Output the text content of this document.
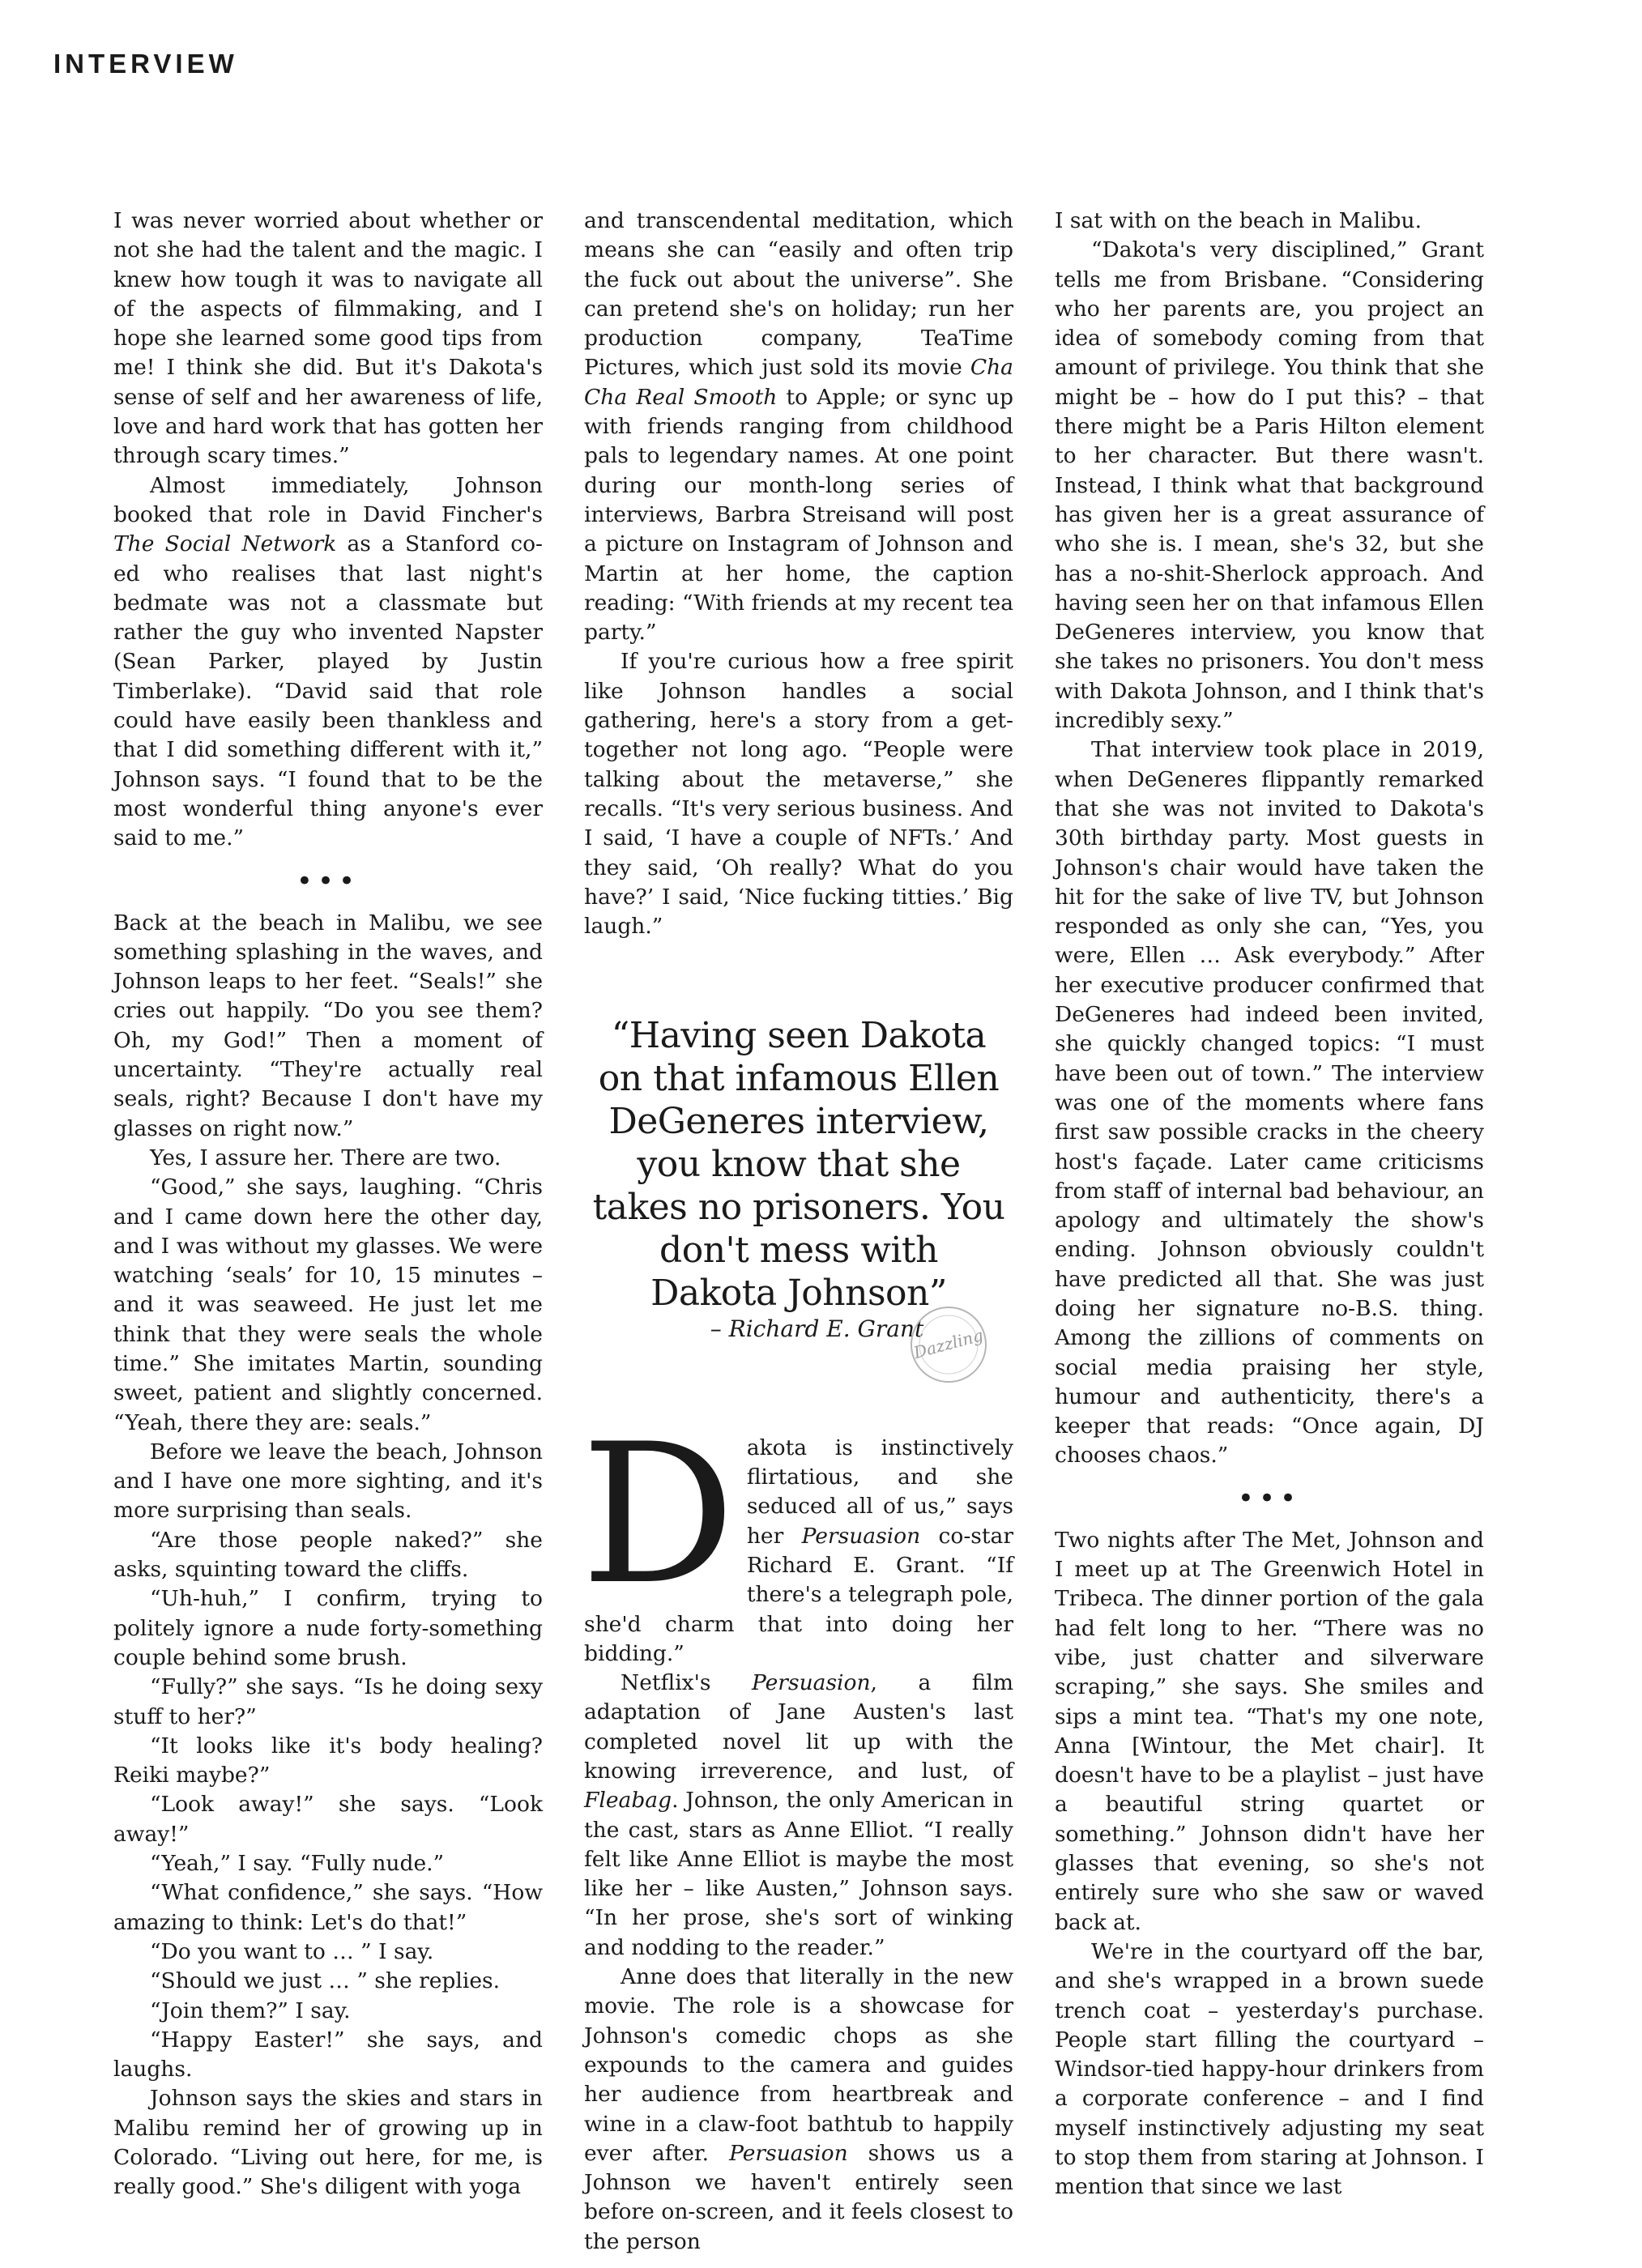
INTERVIEW

I was never worried about whether or not she had the talent and the magic. I knew how tough it was to navigate all of the aspects of filmmaking, and I hope she learned some good tips from me! I think she did. But it's Dakota's sense of self and her awareness of life, love and hard work that has gotten her through scary times.”

Almost immediately, Johnson booked that role in David Fincher's The Social Network as a Stanford co-ed who realises that last night's bedmate was not a classmate but rather the guy who invented Napster (Sean Parker, played by Justin Timberlake). “David said that role could have easily been thankless and that I did something different with it,” Johnson says. “I found that to be the most wonderful thing anyone's ever said to me.”

•••

Back at the beach in Malibu, we see something splashing in the waves, and Johnson leaps to her feet. “Seals!” she cries out happily. “Do you see them? Oh, my God!” Then a moment of uncertainty. “They're actually real seals, right? Because I don't have my glasses on right now.”

Yes, I assure her. There are two.

“Good,” she says, laughing. “Chris and I came down here the other day, and I was without my glasses. We were watching ‘seals’ for 10, 15 minutes – and it was seaweed. He just let me think that they were seals the whole time.” She imitates Martin, sounding sweet, patient and slightly concerned. “Yeah, there they are: seals.”

Before we leave the beach, Johnson and I have one more sighting, and it's more surprising than seals.

“Are those people naked?” she asks, squinting toward the cliffs.

“Uh-huh,” I confirm, trying to politely ignore a nude forty-something couple behind some brush.

“Fully?” she says. “Is he doing sexy stuff to her?”

“It looks like it's body healing? Reiki maybe?”

“Look away!” she says. “Look away!”

“Yeah,” I say. “Fully nude.”

“What confidence,” she says. “How amazing to think: Let's do that!”

“Do you want to … ” I say.

“Should we just … ” she replies.

“Join them?” I say.

“Happy Easter!” she says, and laughs.

Johnson says the skies and stars in Malibu remind her of growing up in Colorado. “Living out here, for me, is really good.” She's diligent with yoga

and transcendental meditation, which means she can “easily and often trip the fuck out about the universe”. She can pretend she's on holiday; run her production company, TeaTime Pictures, which just sold its movie Cha Cha Real Smooth to Apple; or sync up with friends ranging from childhood pals to legendary names. At one point during our month-long series of interviews, Barbra Streisand will post a picture on Instagram of Johnson and Martin at her home, the caption reading: “With friends at my recent tea party.”

If you're curious how a free spirit like Johnson handles a social gathering, here's a story from a get-together not long ago. “People were talking about the metaverse,” she recalls. “It's very serious business. And I said, ‘I have a couple of NFTs.’ And they said, ‘Oh really? What do you have?’ I said, ‘Nice fucking titties.’ Big laugh.”

“Having seen Dakota on that infamous Ellen DeGeneres interview, you know that she takes no prisoners. You don't mess with Dakota Johnson”

– Richard E. Grant

Dazzling

Dakota is instinctively flirtatious, and she seduced all of us,” says her Persuasion co-star Richard E. Grant. “If there's a telegraph pole, she'd charm that into doing her bidding.”

Netflix's Persuasion, a film adaptation of Jane Austen's last completed novel lit up with the knowing irreverence, and lust, of Fleabag. Johnson, the only American in the cast, stars as Anne Elliot. “I really felt like Anne Elliot is maybe the most like her – like Austen,” Johnson says. “In her prose, she's sort of winking and nodding to the reader.”

Anne does that literally in the new movie. The role is a showcase for Johnson's comedic chops as she expounds to the camera and guides her audience from heartbreak and wine in a claw-foot bathtub to happily ever after. Persuasion shows us a Johnson we haven't entirely seen before on-screen, and it feels closest to the person

I sat with on the beach in Malibu.

“Dakota's very disciplined,” Grant tells me from Brisbane. “Considering who her parents are, you project an idea of somebody coming from that amount of privilege. You think that she might be – how do I put this? – that there might be a Paris Hilton element to her character. But there wasn't. Instead, I think what that background has given her is a great assurance of who she is. I mean, she's 32, but she has a no-shit-Sherlock approach. And having seen her on that infamous Ellen DeGeneres interview, you know that she takes no prisoners. You don't mess with Dakota Johnson, and I think that's incredibly sexy.”

That interview took place in 2019, when DeGeneres flippantly remarked that she was not invited to Dakota's 30th birthday party. Most guests in Johnson's chair would have taken the hit for the sake of live TV, but Johnson responded as only she can, “Yes, you were, Ellen … Ask everybody.” After her executive producer confirmed that DeGeneres had indeed been invited, she quickly changed topics: “I must have been out of town.” The interview was one of the moments where fans first saw possible cracks in the cheery host's façade. Later came criticisms from staff of internal bad behaviour, an apology and ultimately the show's ending. Johnson obviously couldn't have predicted all that. She was just doing her signature no-B.S. thing. Among the zillions of comments on social media praising her style, humour and authenticity, there's a keeper that reads: “Once again, DJ chooses chaos.”

•••

Two nights after The Met, Johnson and I meet up at The Greenwich Hotel in Tribeca. The dinner portion of the gala had felt long to her. “There was no vibe, just chatter and silverware scraping,” she says. She smiles and sips a mint tea. “That's my one note, Anna [Wintour, the Met chair]. It doesn't have to be a playlist – just have a beautiful string quartet or something.” Johnson didn't have her glasses that evening, so she's not entirely sure who she saw or waved back at.

We're in the courtyard off the bar, and she's wrapped in a brown suede trench coat – yesterday's purchase. People start filling the courtyard – Windsor-tied happy-hour drinkers from a corporate conference – and I find myself instinctively adjusting my seat to stop them from staring at Johnson. I mention that since we last
